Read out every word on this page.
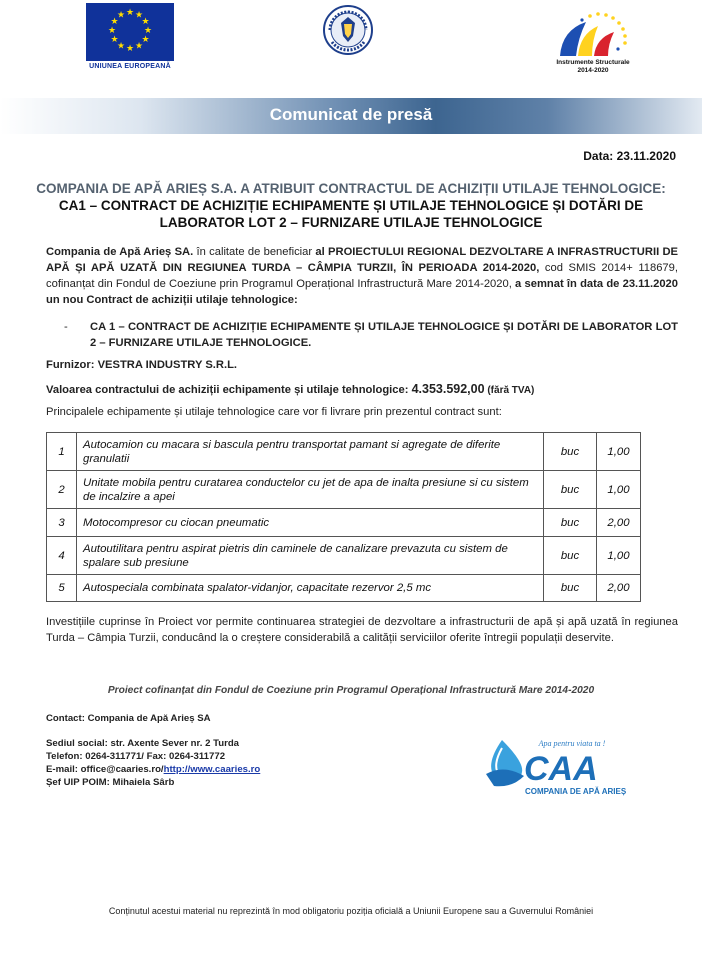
★ ★
★
★
★
★
★
★
★
★
★
★
UNIUNEA EUROPEANĂ
Instrumente Structurale
2014-2020
Comunicat de presă
Data: 23.11.2020
COMPANIA DE APĂ ARIEȘ S.A. A ATRIBUIT CONTRACTUL DE ACHIZIȚII UTILAJE TEHNOLOGICE:
CA1 – CONTRACT DE ACHIZIȚIE ECHIPAMENTE ȘI UTILAJE TEHNOLOGICE ȘI DOTĂRI DE LABORATOR LOT 2 – FURNIZARE UTILAJE TEHNOLOGICE
Compania de Apă Arieș SA. în calitate de beneficiar al PROIECTULUI REGIONAL DEZVOLTARE A INFRASTRUCTURII DE APĂ ȘI APĂ UZATĂ DIN REGIUNEA TURDA – CÂMPIA TURZII, ÎN PERIOADA 2014-2020, cod SMIS 2014+ 118679, cofinanțat din Fondul de Coeziune prin Programul Operațional Infrastructură Mare 2014-2020, a semnat în data de 23.11.2020 un nou Contract de achiziții utilaje tehnologice:
-	CA 1 – CONTRACT DE ACHIZIȚIE ECHIPAMENTE ȘI UTILAJE TEHNOLOGICE ȘI DOTĂRI DE LABORATOR LOT 2 – FURNIZARE UTILAJE TEHNOLOGICE.
Furnizor: VESTRA INDUSTRY S.R.L.
Valoarea contractului de achiziții echipamente și utilaje tehnologice: 4.353.592,00 (fără TVA)
Principalele echipamente și utilaje tehnologice care vor fi livrare prin prezentul contract sunt:
1	Autocamion cu macara si bascula pentru transportat pamant si agregate de diferite granulatii	buc	1,00
2	Unitate mobila pentru curatarea conductelor cu jet de apa de inalta presiune si cu sistem de incalzire a apei	buc	1,00
3	Motocompresor cu ciocan pneumatic	buc	2,00
4	Autoutilitara pentru aspirat pietris din caminele de canalizare prevazuta cu sistem de spalare sub presiune	buc	1,00
5	Autospeciala combinata spalator-vidanjor, capacitate rezervor 2,5 mc	buc	2,00
Investițiile cuprinse în Proiect vor permite continuarea strategiei de dezvoltare a infrastructurii de apă și apă uzată în regiunea Turda – Câmpia Turzii, conducând la o creștere considerabilă a calității serviciilor oferite întregii populații deservite.
Proiect cofinanțat din Fondul de Coeziune prin Programul Operațional Infrastructură Mare 2014-2020
Contact: Compania de Apă Arieș SA
Sediul social: str. Axente Sever nr. 2 Turda
Telefon: 0264-311771/ Fax: 0264-311772
E-mail: office@caaries.ro/http://www.caaries.ro
Șef UIP POIM: Mihaiela Sârb
Apa pentru viata ta !
CAA
COMPANIA DE APĂ ARIEȘ
Conținutul acestui material nu reprezintă în mod obligatoriu poziția oficială a Uniunii Europene sau a Guvernului României
